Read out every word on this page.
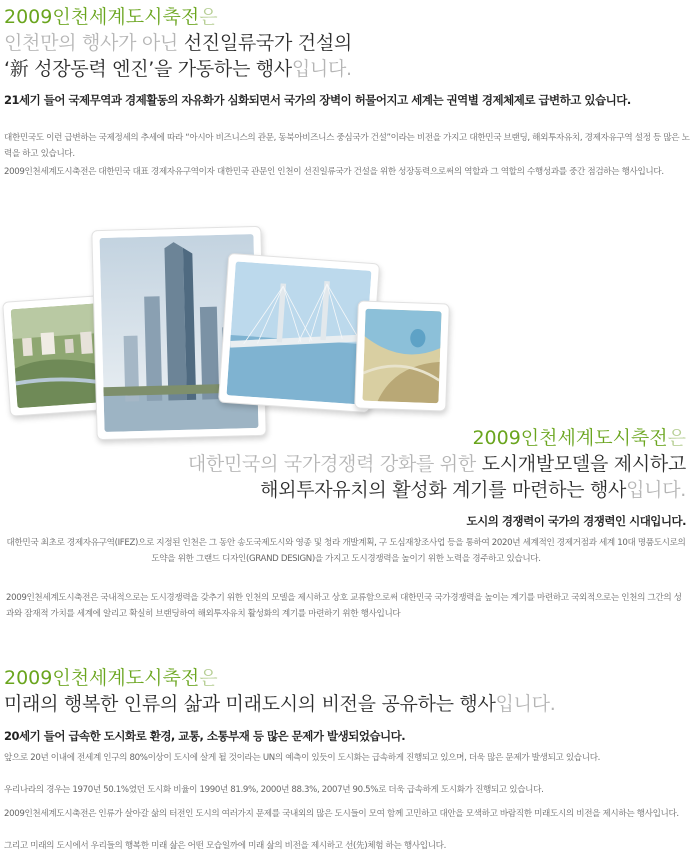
2009인천세계도시축전은
인천만의 행사가 아닌 선진일류국가 건설의
‘新 성장동력 엔진’을 가동하는 행사입니다.
21세기 들어 국제무역과 경제활동의 자유화가 심화되면서 국가의 장벽이 허물어지고 세계는 권역별 경제체제로 급변하고 있습니다.
대한민국도 이런 급변하는 국제정세의 추세에 따라 “아시아 비즈니스의 관문, 동북아비즈니스 중심국가 건설”이라는 비전을 가지고 대한민국 브랜딩, 해외투자유치, 경제자유구역 설정 등 많은 노력을 하고 있습니다.
2009인천세계도시축전은 대한민국 대표 경제자유구역이자 대한민국 관문인 인천이 선진일류국가 건설을 위한 성장동력으로써의 역할과 그 역할의 수행성과를 중간 점검하는 행사입니다.
2009인천세계도시축전은
대한민국의 국가경쟁력 강화를 위한 도시개발모델을 제시하고
해외투자유치의 활성화 계기를 마련하는 행사입니다.
도시의 경쟁력이 국가의 경쟁력인 시대입니다.
대한민국 최초로 경제자유구역(IFEZ)으로 지정된 인천은 그 동안 송도국제도시와 영종 및 청라 개발계획, 구 도심재창조사업 등을 통하여 2020년 세계적인 경제거점과 세계 10대 명품도시로의 도약을 위한 그랜드 디자인(GRAND DESIGN)을 가지고 도시경쟁력을 높이기 위한 노력을 경주하고 있습니다.
2009인천세계도시축전은 국내적으로는 도시경쟁력을 갖추기 위한 인천의 모델을 제시하고 상호 교류함으로써 대한민국 국가경쟁력을 높이는 계기를 마련하고 국외적으로는 인천의 그간의 성과와 잠재적 가치를 세계에 알리고 확실히 브랜딩하여 해외투자유치 활성화의 계기를 마련하기 위한 행사입니다
2009인천세계도시축전은
미래의 행복한 인류의 삶과 미래도시의 비전을 공유하는 행사입니다.
20세기 들어 급속한 도시화로 환경, 교통, 소통부재 등 많은 문제가 발생되었습니다.
앞으로 20년 이내에 전세계 인구의 80%이상이 도시에 살게 될 것이라는 UN의 예측이 있듯이 도시화는 급속하게 진행되고 있으며, 더욱 많은 문제가 발생되고 있습니다.
우리나라의 경우는 1970년 50.1%였던 도시화 비율이 1990년 81.9%, 2000년 88.3%, 2007년 90.5%로 더욱 급속하게 도시화가 진행되고 있습니다.
2009인천세계도시축전은 인류가 살아갈 삶의 터전인 도시의 여러가지 문제를 국내외의 많은 도시들이 모여 함께 고민하고 대안을 모색하고 바람직한 미래도시의 비전을 제시하는 행사입니다.
그리고 미래의 도시에서 우리들의 행복한 미래 삶은 어떤 모습일까에 미래 삶의 비전을 제시하고 선(先)체험 하는 행사입니다.
